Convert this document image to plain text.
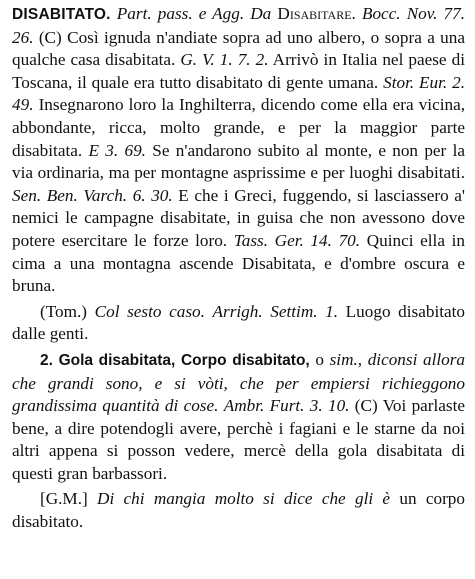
DISABITATO. Part. pass. e Agg. Da Disabitare. Bocc. Nov. 77. 26. (C) Così ignuda n'andiate sopra ad uno albero, o sopra a una qualche casa disabitata. G. V. 1. 7. 2. Arrivò in Italia nel paese di Toscana, il quale era tutto disabitato di gente umana. Stor. Eur. 2. 49. Insegnarono loro la Inghilterra, dicendo come ella era vicina, abbondante, ricca, molto grande, e per la maggior parte disabitata. E 3. 69. Se n'andarono subito al monte, e non per la via ordinaria, ma per montagne asprissime e per luoghi disabitati. Sen. Ben. Varch. 6. 30. E che i Greci, fuggendo, si lasciassero a' nemici le campagne disabitate, in guisa che non avessono dove potere esercitare le forze loro. Tass. Ger. 14. 70. Quinci ella in cima a una montagna ascende Disabitata, e d'ombre oscura e bruna.

(Tom.) Col sesto caso. Arrigh. Settim. 1. Luogo disabitato dalle genti.

2. Gola disabitata, Corpo disabitato, o sim., diconsi allora che grandi sono, e si vòti, che per empiersi richieggono grandissima quantità di cose. Ambr. Furt. 3. 10. (C) Voi parlaste bene, a dire potendogli avere, perchè i fagiani e le starne da noi altri appena si posson vedere, mercè della gola disabitata di questi gran barbassori.

[G.M.] Di chi mangia molto si dice che gli è un corpo disabitato.
